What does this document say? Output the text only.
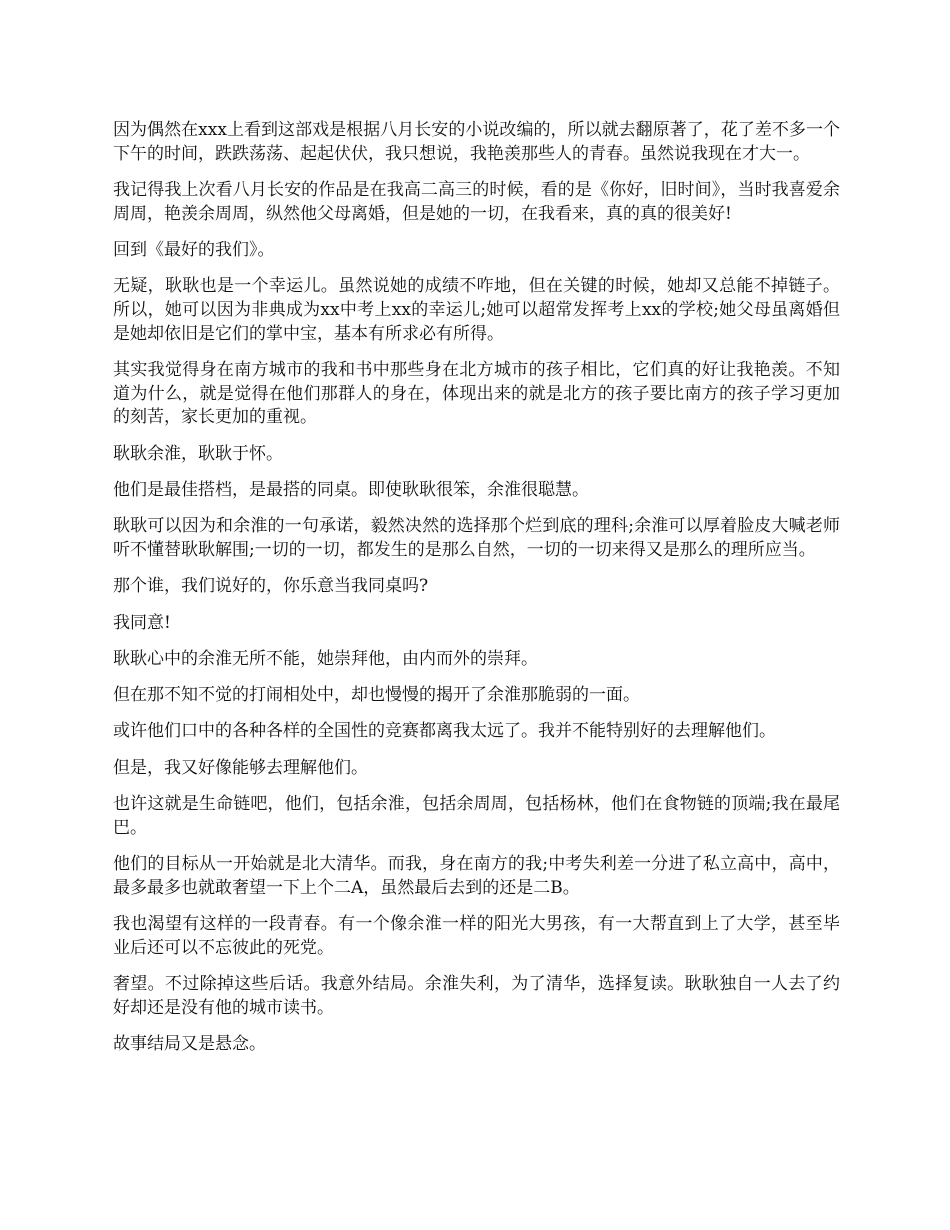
因为偶然在xxx上看到这部戏是根据八月长安的小说改编的，所以就去翻原著了，花了差不多一个下午的时间，跌跌荡荡、起起伏伏，我只想说，我艳羡那些人的青春。虽然说我现在才大一。

我记得我上次看八月长安的作品是在我高二高三的时候，看的是《你好，旧时间》，当时我喜爱余周周，艳羡余周周，纵然他父母离婚，但是她的一切，在我看来，真的真的很美好!

回到《最好的我们》。

无疑，耿耿也是一个幸运儿。虽然说她的成绩不咋地，但在关键的时候，她却又总能不掉链子。所以，她可以因为非典成为xx中考上xx的幸运儿;她可以超常发挥考上xx的学校;她父母虽离婚但是她却依旧是它们的掌中宝，基本有所求必有所得。

其实我觉得身在南方城市的我和书中那些身在北方城市的孩子相比，它们真的好让我艳羡。不知道为什么，就是觉得在他们那群人的身在，体现出来的就是北方的孩子要比南方的孩子学习更加的刻苦，家长更加的重视。

耿耿余淮，耿耿于怀。

他们是最佳搭档，是最搭的同桌。即使耿耿很笨，余淮很聪慧。

耿耿可以因为和余淮的一句承诺，毅然决然的选择那个烂到底的理科;余淮可以厚着脸皮大喊老师听不懂替耿耿解围;一切的一切，都发生的是那么自然，一切的一切来得又是那么的理所应当。

那个谁，我们说好的，你乐意当我同桌吗?

我同意!

耿耿心中的余淮无所不能，她崇拜他，由内而外的崇拜。

但在那不知不觉的打闹相处中，却也慢慢的揭开了余淮那脆弱的一面。

或许他们口中的各种各样的全国性的竞赛都离我太远了。我并不能特别好的去理解他们。

但是，我又好像能够去理解他们。

也许这就是生命链吧，他们，包括余淮，包括余周周，包括杨林，他们在食物链的顶端;我在最尾巴。

他们的目标从一开始就是北大清华。而我，身在南方的我;中考失利差一分进了私立高中，高中，最多最多也就敢奢望一下上个二A，虽然最后去到的还是二B。

我也渴望有这样的一段青春。有一个像余淮一样的阳光大男孩，有一大帮直到上了大学，甚至毕业后还可以不忘彼此的死党。

奢望。不过除掉这些后话。我意外结局。余淮失利，为了清华，选择复读。耿耿独自一人去了约好却还是没有他的城市读书。

故事结局又是悬念。
